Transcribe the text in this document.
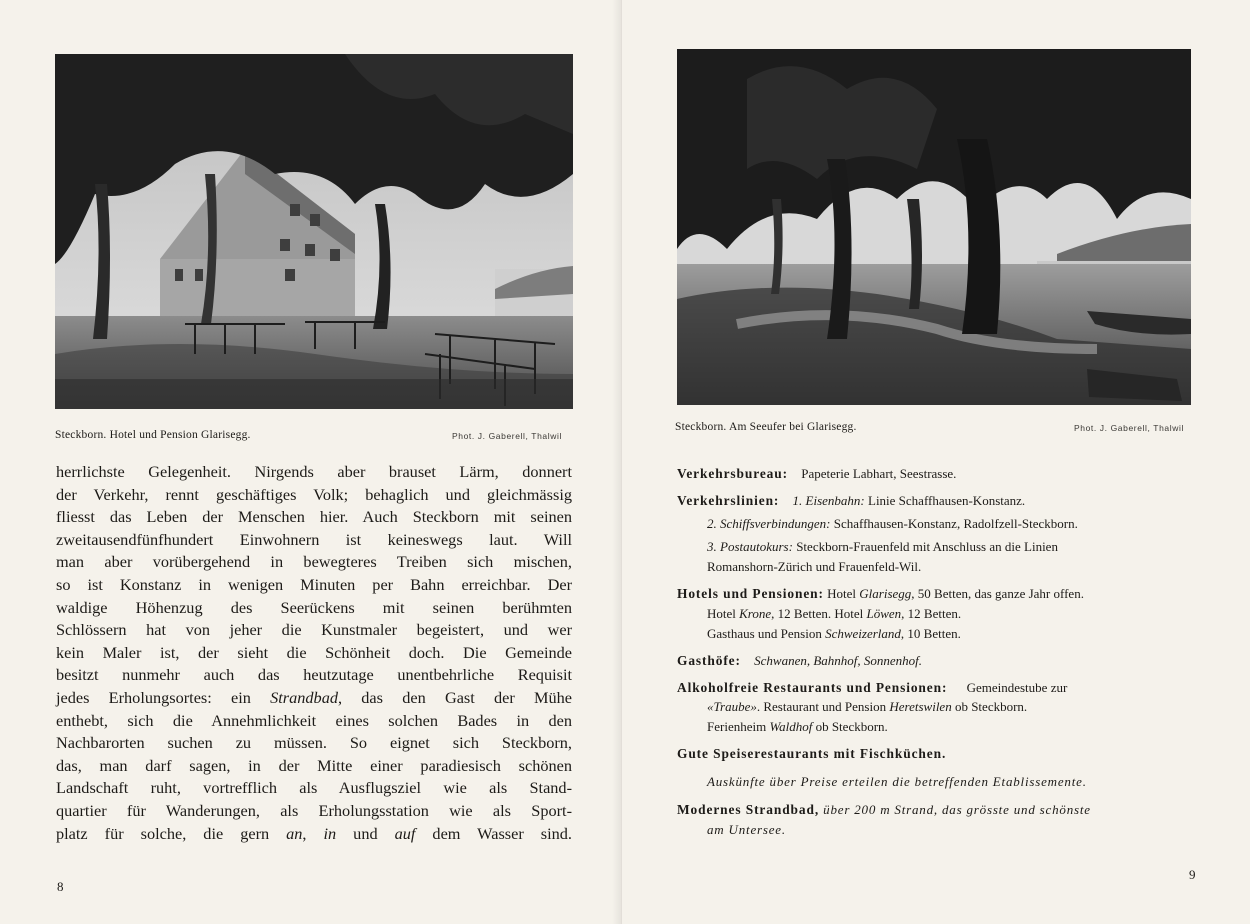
Steckborn. Hotel und Pension Glarisegg.	Phot. J. Gaberell, Thalwil
herrlichste Gelegenheit. Nirgends aber brauset Lärm, donnert
der Verkehr, rennt geschäftiges Volk; behaglich und gleichmässig
fliesst das Leben der Menschen hier. Auch Steckborn mit seinen
zweitausendfünfhundert Einwohnern ist keineswegs laut. Will
man aber vorübergehend in bewegteres Treiben sich mischen,
so ist Konstanz in wenigen Minuten per Bahn erreichbar. Der
waldige Höhenzug des Seerückens mit seinen berühmten
Schlössern hat von jeher die Kunstmaler begeistert, und wer
kein Maler ist, der sieht die Schönheit doch. Die Gemeinde
besitzt nunmehr auch das heutzutage unentbehrliche Requisit
jedes Erholungsortes: ein Strandbad, das den Gast der Mühe
enthebt, sich die Annehmlichkeit eines solchen Bades in den
Nachbarorten suchen zu müssen. So eignet sich Steckborn,
das, man darf sagen, in der Mitte einer paradiesisch schönen
Landschaft ruht, vortrefflich als Ausflugsziel wie als Stand-
quartier für Wanderungen, als Erholungsstation wie als Sport-
platz für solche, die gern an, in und auf dem Wasser sind.
8
Steckborn. Am Seeufer bei Glarisegg.	Phot. J. Gaberell, Thalwil
9
Verkehrsbureau: Papeterie Labhart, Seestrasse.
Verkehrslinien: 1. Eisenbahn: Linie Schaffhausen-Konstanz.
2. Schiffsverbindungen: Schaffhausen-Konstanz, Radolfzell-Steckborn.
3. Postautokurs: Steckborn-Frauenfeld mit Anschluss an die Linien
Romanshorn-Zürich und Frauenfeld-Wil.
Hotels und Pensionen: Hotel Glarisegg, 50 Betten, das ganze Jahr offen.
Hotel Krone, 12 Betten. Hotel Löwen, 12 Betten.
Gasthaus und Pension Schweizerland, 10 Betten.
Gasthöfe: Schwanen, Bahnhof, Sonnenhof.
Alkoholfreie Restaurants und Pensionen: Gemeindestube zur
«Traube». Restaurant und Pension Heretswilen ob Steckborn.
Ferienheim Waldhof ob Steckborn.
Gute Speiserestaurants mit Fischküchen.
Auskünfte über Preise erteilen die betreffenden Etablissemente.
Modernes Strandbad, über 200 m Strand, das grösste und schönste
am Untersee.
